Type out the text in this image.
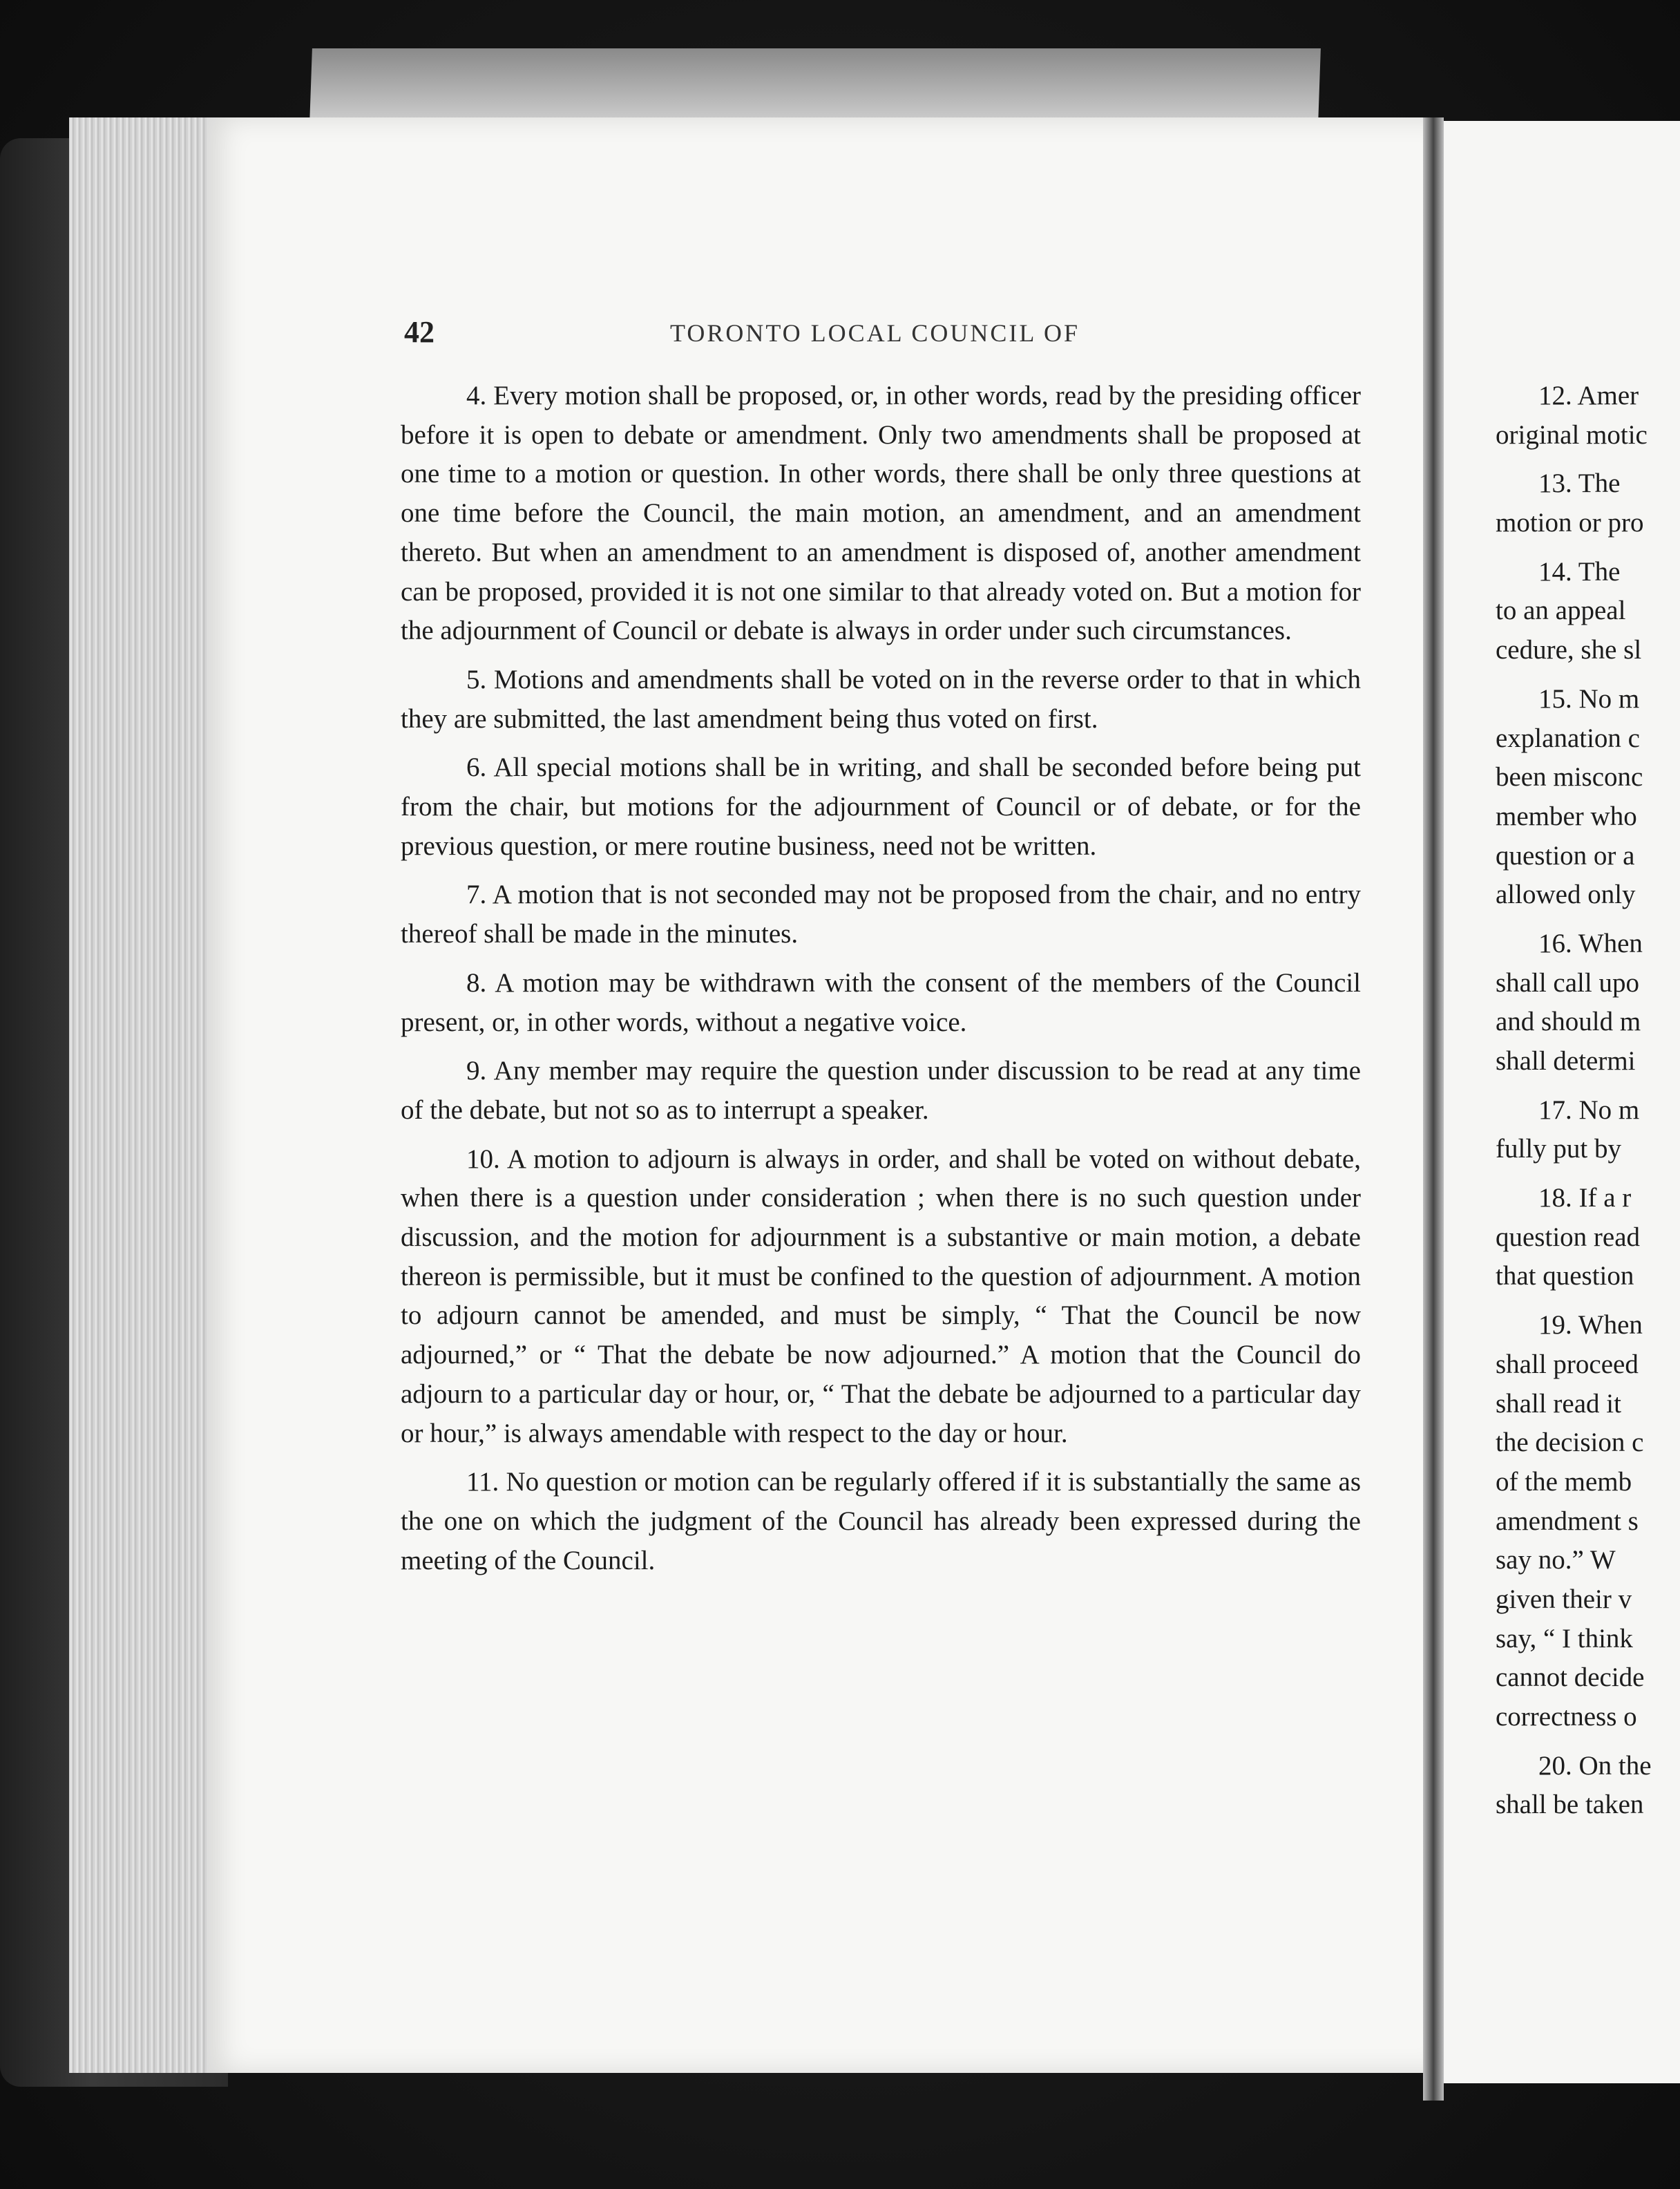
42	TORONTO LOCAL COUNCIL OF

4. Every motion shall be proposed, or, in other words, read by the presiding officer before it is open to debate or amendment. Only two amendments shall be proposed at one time to a motion or question. In other words, there shall be only three questions at one time before the Council, the main motion, an amendment, and an amendment thereto. But when an amendment to an amendment is disposed of, another amendment can be proposed, provided it is not one similar to that already voted on. But a motion for the adjournment of Council or debate is always in order under such circumstances.

5. Motions and amendments shall be voted on in the reverse order to that in which they are submitted, the last amendment being thus voted on first.

6. All special motions shall be in writing, and shall be seconded before being put from the chair, but motions for the adjournment of Council or of debate, or for the previous question, or mere routine business, need not be written.

7. A motion that is not seconded may not be proposed from the chair, and no entry thereof shall be made in the minutes.

8. A motion may be withdrawn with the consent of the members of the Council present, or, in other words, without a negative voice.

9. Any member may require the question under discussion to be read at any time of the debate, but not so as to interrupt a speaker.

10. A motion to adjourn is always in order, and shall be voted on without debate, when there is a question under consideration ; when there is no such question under discussion, and the motion for adjournment is a substantive or main motion, a debate thereon is permissible, but it must be confined to the question of adjournment. A motion to adjourn cannot be amended, and must be simply, “ That the Council be now adjourned,” or “ That the debate be now adjourned.” A motion that the Council do adjourn to a particular day or hour, or, “ That the debate be adjourned to a particular day or hour,” is always amendable with respect to the day or hour.

11. No question or motion can be regularly offered if it is substantially the same as the one on which the judgment of the Council has already been expressed during the meeting of the Council.

12. Amer
original motic
13. The
motion or pro
14. The
to an appeal
cedure, she sl
15. No m
explanation c
been misconc
member who
question or a
allowed only
16. When
shall call upo
and should m
shall determi
17. No m
fully put by
18. If a r
question read
that question
19. When
shall proceed
shall read it
the decision c
of the memb
amendment s
say no.” W
given their v
say, “ I think
cannot decide
correctness o
20. On the
shall be taken
